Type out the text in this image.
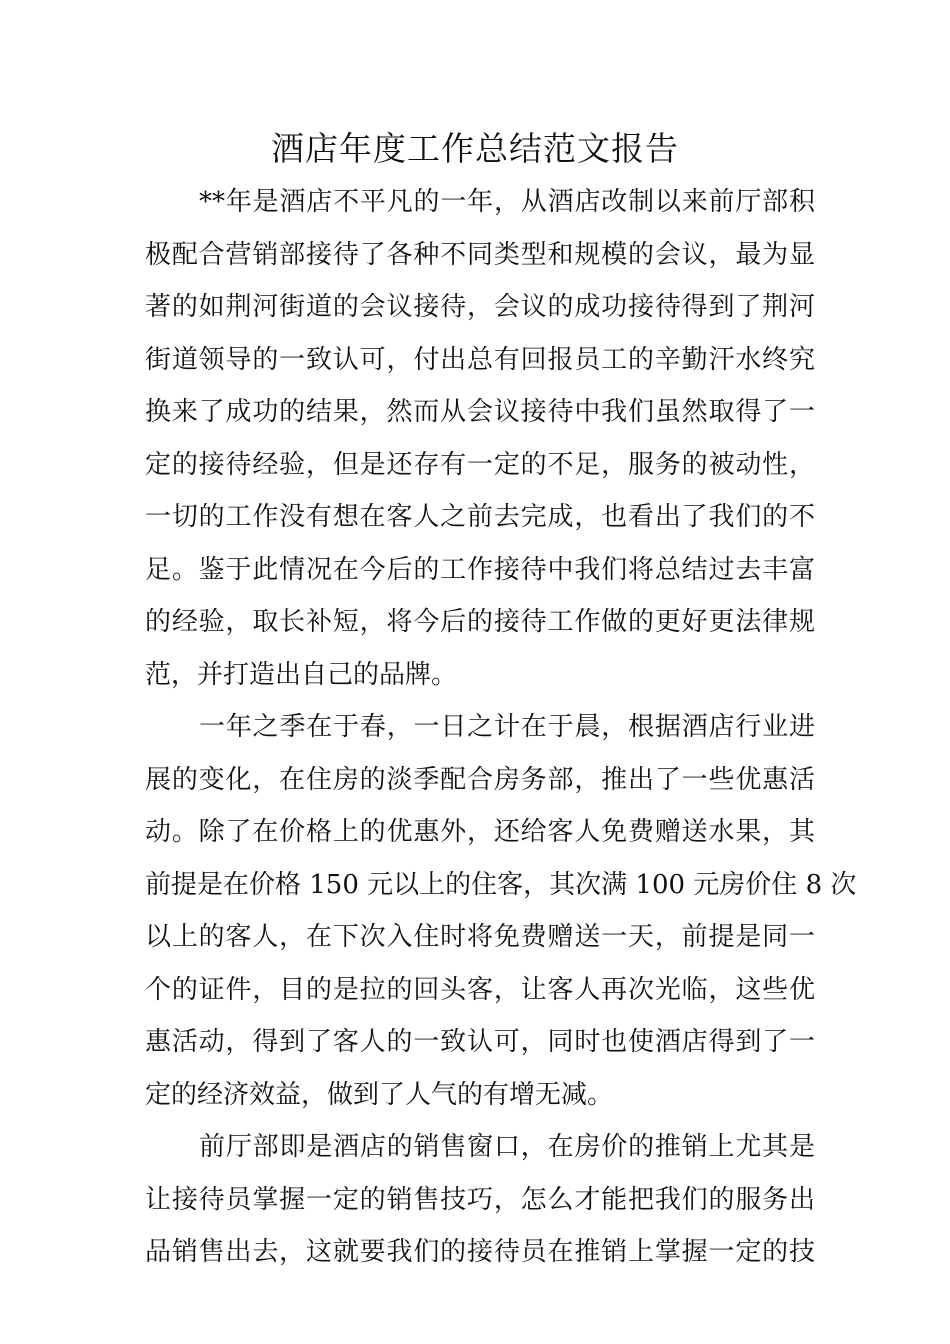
酒店年度工作总结范文报告
**年是酒店不平凡的一年，从酒店改制以来前厅部积
极配合营销部接待了各种不同类型和规模的会议，最为显
著的如荆河街道的会议接待，会议的成功接待得到了荆河
街道领导的一致认可，付出总有回报员工的辛勤汗水终究
换来了成功的结果，然而从会议接待中我们虽然取得了一
定的接待经验，但是还存有一定的不足，服务的被动性，
一切的工作没有想在客人之前去完成，也看出了我们的不
足。鉴于此情况在今后的工作接待中我们将总结过去丰富
的经验，取长补短，将今后的接待工作做的更好更法律规
范，并打造出自己的品牌。
一年之季在于春，一日之计在于晨，根据酒店行业进
展的变化，在住房的淡季配合房务部，推出了一些优惠活
动。除了在价格上的优惠外，还给客人免费赠送水果，其
前提是在价格 150 元以上的住客，其次满 100 元房价住 8 次
以上的客人，在下次入住时将免费赠送一天，前提是同一
个的证件，目的是拉的回头客，让客人再次光临，这些优
惠活动，得到了客人的一致认可，同时也使酒店得到了一
定的经济效益，做到了人气的有增无减。
前厅部即是酒店的销售窗口，在房价的推销上尤其是
让接待员掌握一定的销售技巧，怎么才能把我们的服务出
品销售出去，这就要我们的接待员在推销上掌握一定的技
